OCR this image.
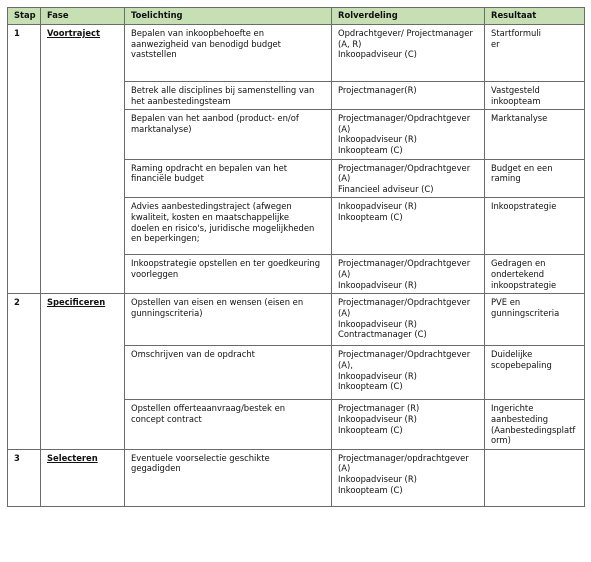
Stap	Fase	Toelichting	Rolverdeling	Resultaat
1	Voortraject	Bepalen van inkoopbehoefte en
aanwezigheid van benodigd budget
vaststellen	Opdrachtgever/ Projectmanager
(A, R)
Inkoopadviseur (C)	Startformuli
er

		Betrek alle disciplines bij samenstelling van
het aanbestedingsteam	Projectmanager(R)	Vastgesteld
inkoopteam

		Bepalen van het aanbod (product- en/of
marktanalyse)	Projectmanager/Opdrachtgever
(A)
Inkoopadviseur (R)
Inkoopteam (C)	Marktanalyse

		Raming opdracht en bepalen van het
financiële budget	Projectmanager/Opdrachtgever
(A)
Financieel adviseur (C)	Budget en een
raming

		Advies aanbestedingstraject (afwegen
kwaliteit, kosten en maatschappelijke
doelen en risico's, juridische mogelijkheden
en beperkingen;	Inkoopadviseur (R)
Inkoopteam (C)	Inkoopstrategie

		Inkoopstrategie opstellen en ter goedkeuring
voorleggen	Projectmanager/Opdrachtgever
(A)
Inkoopadviseur (R)	Gedragen en
ondertekend
inkoopstrategie

2	Specificeren	Opstellen van eisen en wensen (eisen en
gunningscriteria)	Projectmanager/Opdrachtgever
(A)
Inkoopadviseur (R)
Contractmanager (C)	PVE en
gunningscriteria

		Omschrijven van de opdracht	Projectmanager/Opdrachtgever
(A),
Inkoopadviseur (R)
Inkoopteam (C)	Duidelijke
scopebepaling

		Opstellen offerteaanvraag/bestek en
concept contract	Projectmanager (R)
Inkoopadviseur (R)
Inkoopteam (C)	Ingerichte
aanbesteding
(Aanbestedingsplatf
orm)

3	Selecteren	Eventuele voorselectie geschikte
gegadigden	Projectmanager/opdrachtgever
(A)
Inkoopadviseur (R)
Inkoopteam (C)	
